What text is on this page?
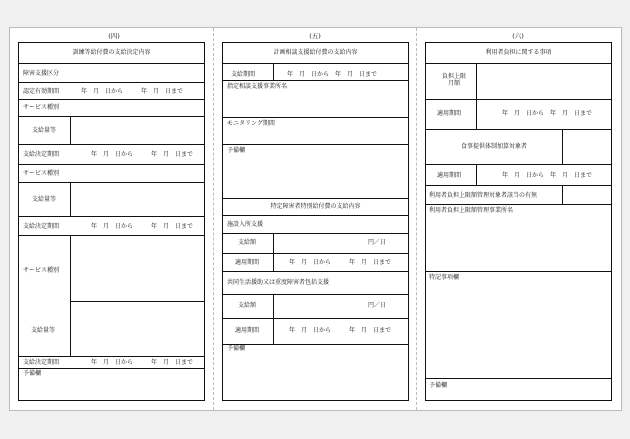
(四)	(五)	(六)
訓練等給付費の支給決定内容
障害支援区分
認定有効期間	年　月　日から　　　年　月　日まで
サービス種別
支給量等
支給決定期間	年　月　日から　　　年　月　日まで
サービス種別
支給量等
支給決定期間	年　月　日から　　　年　月　日まで
サービス種別
支給量等
支給決定期間	年　月　日から　　　年　月　日まで
予備欄
計画相談支援給付費の支給内容
支給期間	年　月　日から　年　月　日まで
指定相談支援事業所名
モニタリング期間
予備欄
特定障害者特別給付費の支給内容
施設入所支援
支給額	円／日
適用期間	年　月　日から　　　年　月　日まで
共同生活援助又は重度障害者包括支援
支給額	円／日
適用期間	年　月　日から　　　年　月　日まで
予備欄
利用者負担に関する事項
負担上限
月額
適用期間	年　月　日から　年　月　日まで
食事提供体制加算対象者
適用期間	年　月　日から　年　月　日まで
利用者負担上限額管理対象者該当の有無
利用者負担上限額管理事業所名
特記事項欄
予備欄
